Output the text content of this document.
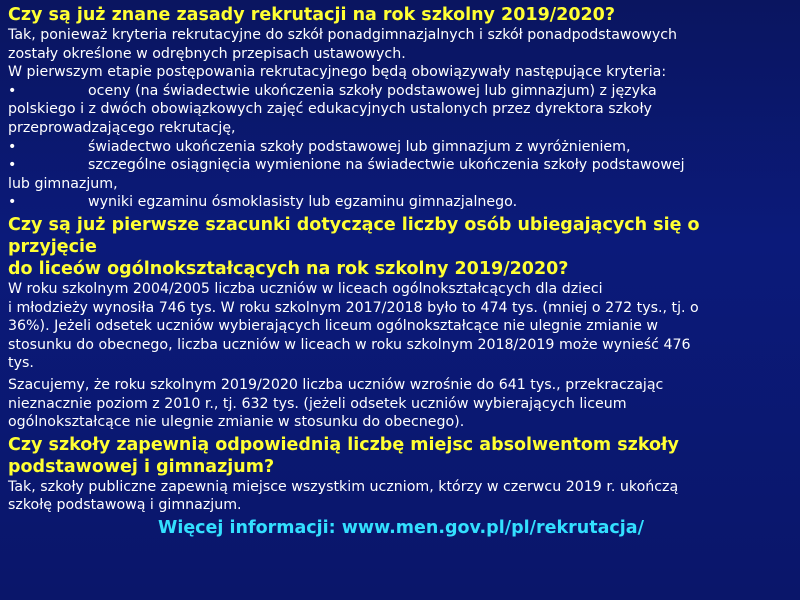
Czy są już znane zasady rekrutacji na rok szkolny 2019/2020?

Tak, ponieważ kryteria rekrutacyjne do szkół ponadgimnazjalnych i szkół ponadpodstawowych

zostały określone w odrębnych przepisach ustawowych.

W pierwszym etapie postępowania rekrutacyjnego będą obowiązywały następujące kryteria:

•	oceny (na świadectwie ukończenia szkoły podstawowej lub gimnazjum) z języka

polskiego i z dwóch obowiązkowych zajęć edukacyjnych ustalonych przez dyrektora szkoły

przeprowadzającego rekrutację,

•	świadectwo ukończenia szkoły podstawowej lub gimnazjum z wyróżnieniem,

•	szczególne osiągnięcia wymienione na świadectwie ukończenia szkoły podstawowej

lub gimnazjum,

•	wyniki egzaminu ósmoklasisty lub egzaminu gimnazjalnego.

Czy są już pierwsze szacunki dotyczące liczby osób ubiegających się o przyjęcie

do liceów ogólnokształcących na rok szkolny 2019/2020?

W roku szkolnym 2004/2005 liczba uczniów w liceach ogólnokształcących dla dzieci

i młodzieży wynosiła 746 tys. W roku szkolnym 2017/2018 było to 474 tys. (mniej o 272 tys., tj. o

36%). Jeżeli odsetek uczniów wybierających liceum ogólnokształcące nie ulegnie zmianie w

stosunku do obecnego, liczba uczniów w liceach w roku szkolnym 2018/2019 może wynieść 476

tys.

Szacujemy, że roku szkolnym 2019/2020 liczba uczniów wzrośnie do 641 tys., przekraczając

nieznacznie poziom z 2010 r., tj. 632 tys. (jeżeli odsetek uczniów wybierających liceum

ogólnokształcące nie ulegnie zmianie w stosunku do obecnego).

Czy szkoły zapewnią odpowiednią liczbę miejsc absolwentom szkoły

podstawowej i gimnazjum?

Tak, szkoły publiczne zapewnią miejsce wszystkim uczniom, którzy w czerwcu 2019 r. ukończą

szkołę podstawową i gimnazjum.

Więcej informacji: www.men.gov.pl/pl/rekrutacja/
